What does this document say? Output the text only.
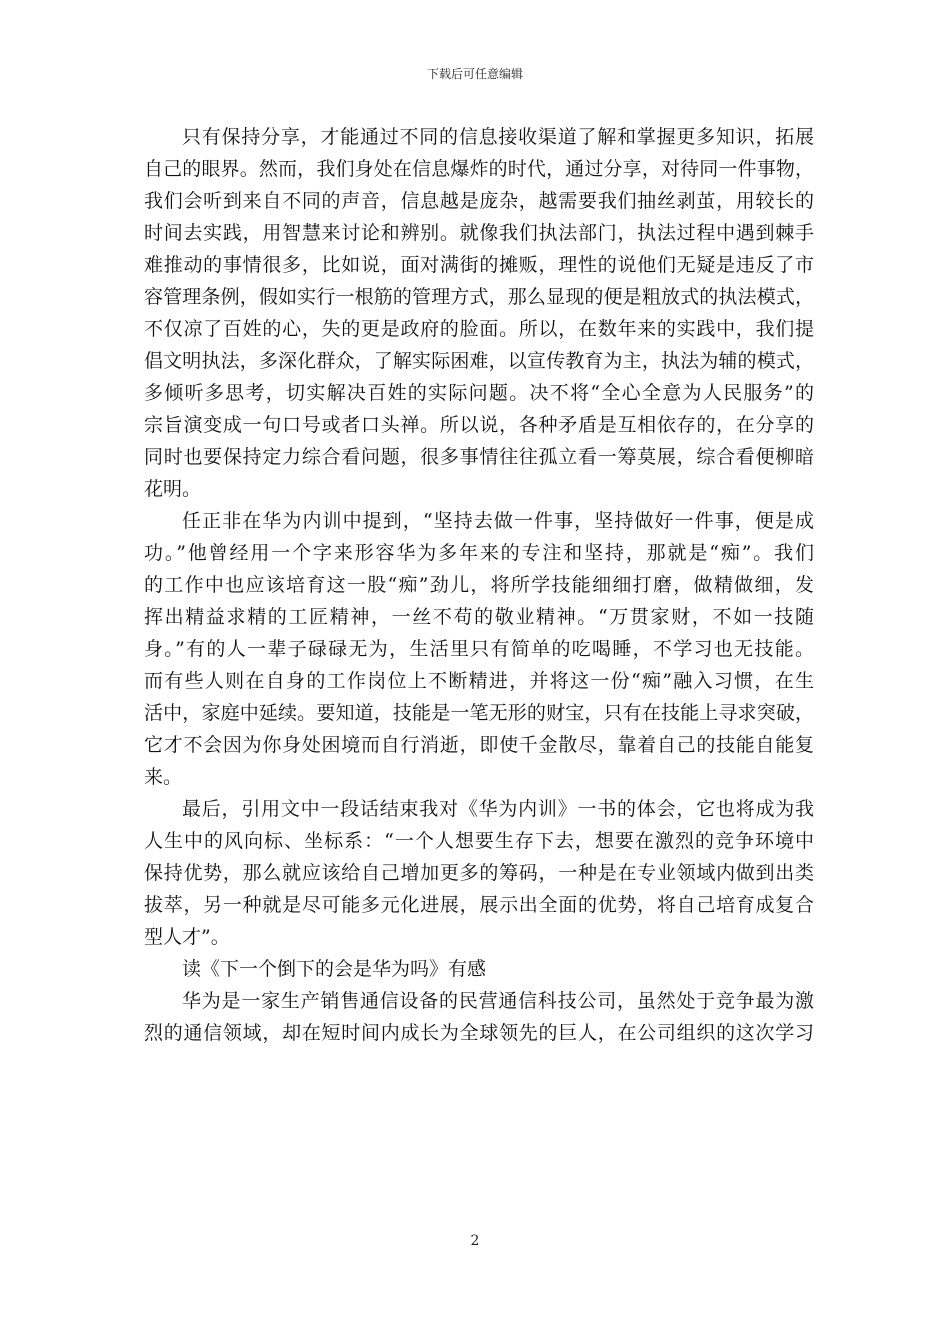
下载后可任意编辑
只有保持分享，才能通过不同的信息接收渠道了解和掌握更多知识，拓展
自己的眼界。然而，我们身处在信息爆炸的时代，通过分享，对待同一件事物，
我们会听到来自不同的声音，信息越是庞杂，越需要我们抽丝剥茧，用较长的
时间去实践，用智慧来讨论和辨别。就像我们执法部门，执法过程中遇到棘手
难推动的事情很多，比如说，面对满街的摊贩，理性的说他们无疑是违反了市
容管理条例，假如实行一根筋的管理方式，那么显现的便是粗放式的执法模式，
不仅凉了百姓的心，失的更是政府的脸面。所以，在数年来的实践中，我们提
倡文明执法，多深化群众，了解实际困难，以宣传教育为主，执法为辅的模式，
多倾听多思考，切实解决百姓的实际问题。决不将“全心全意为人民服务”的
宗旨演变成一句口号或者口头禅。所以说，各种矛盾是互相依存的，在分享的
同时也要保持定力综合看问题，很多事情往往孤立看一筹莫展，综合看便柳暗
花明。
任正非在华为内训中提到，“坚持去做一件事，坚持做好一件事，便是成
功。”他曾经用一个字来形容华为多年来的专注和坚持，那就是“痴”。我们
的工作中也应该培育这一股“痴”劲儿，将所学技能细细打磨，做精做细，发
挥出精益求精的工匠精神，一丝不苟的敬业精神。“万贯家财，不如一技随
身。”有的人一辈子碌碌无为，生活里只有简单的吃喝睡，不学习也无技能。
而有些人则在自身的工作岗位上不断精进，并将这一份“痴”融入习惯，在生
活中，家庭中延续。要知道，技能是一笔无形的财宝，只有在技能上寻求突破，
它才不会因为你身处困境而自行消逝，即使千金散尽，靠着自己的技能自能复
来。
最后，引用文中一段话结束我对《华为内训》一书的体会，它也将成为我
人生中的风向标、坐标系：“一个人想要生存下去，想要在激烈的竞争环境中
保持优势，那么就应该给自己增加更多的筹码，一种是在专业领域内做到出类
拔萃，另一种就是尽可能多元化进展，展示出全面的优势，将自己培育成复合
型人才”。
读《下一个倒下的会是华为吗》有感
华为是一家生产销售通信设备的民营通信科技公司，虽然处于竞争最为激
烈的通信领域，却在短时间内成长为全球领先的巨人，在公司组织的这次学习
2
